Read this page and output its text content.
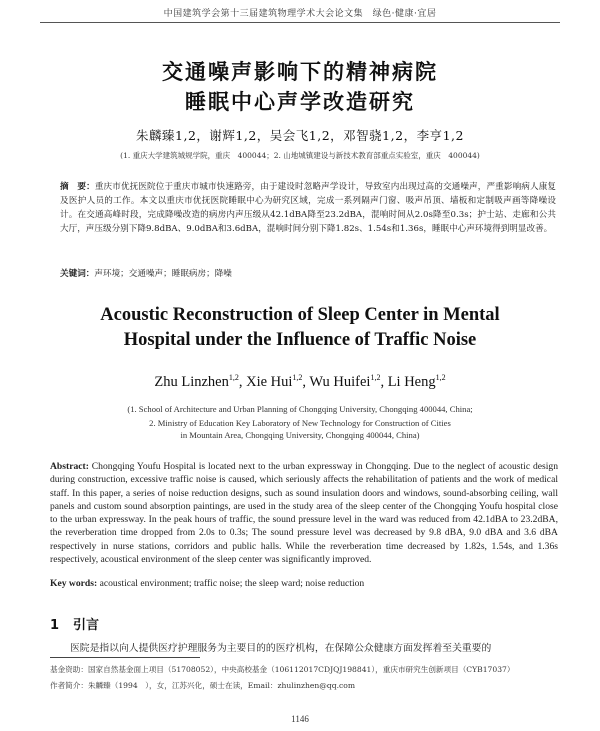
中国建筑学会第十三届建筑物理学术大会论文集　绿色·健康·宜居
交通噪声影响下的精神病院
睡眠中心声学改造研究
朱麟臻1,2，谢辉1,2，吴会飞1,2，邓智骁1,2，李亨1,2
(1. 重庆大学建筑城规学院，重庆　400044；2. 山地城镇建设与新技术教育部重点实验室，重庆　400044)
摘　要：重庆市优抚医院位于重庆市城市快速路旁，由于建设时忽略声学设计，导致室内出现过高的交通噪声，严重影响病人康复及医护人员的工作。本文以重庆市优抚医院睡眠中心为研究区域，完成一系列隔声门窗、吸声吊顶、墙板和定制吸声画等降噪设计。在交通高峰时段，完成降噪改造的病房内声压级从42.1dBA降至23.2dBA，混响时间从2.0s降至0.3s；护士站、走廊和公共大厅，声压级分别下降9.8dBA、9.0dBA和3.6dBA，混响时间分别下降1.82s、1.54s和1.36s，睡眠中心声环境得到明显改善。
关键词：声环境；交通噪声；睡眠病房；降噪
Acoustic Reconstruction of Sleep Center in Mental
Hospital under the Influence of Traffic Noise
Zhu Linzhen$^{1,2}$, Xie Hui$^{1,2}$, Wu Huifei$^{1,2}$, Li Heng$^{1,2}$
(1. School of Architecture and Urban Planning of Chongqing University, Chongqing 400044, China;
2. Ministry of Education Key Laboratory of New Technology for Construction of Cities
in Mountain Area, Chongqing University, Chongqing 400044, China)
Abstract: Chongqing Youfu Hospital is located next to the urban expressway in Chongqing. Due to the neglect of acoustic design during construction, excessive traffic noise is caused, which seriously affects the rehabilitation of patients and the work of medical staff. In this paper, a series of noise reduction designs, such as sound insulation doors and windows, sound-absorbing ceiling, wall panels and custom sound absorption paintings, are used in the study area of the sleep center of the Chongqing Youfu hospital close to the urban expressway. In the peak hours of traffic, the sound pressure level in the ward was reduced from 42.1dBA to 23.2dBA, the reverberation time dropped from 2.0s to 0.3s; The sound pressure level was decreased by 9.8 dBA, 9.0 dBA and 3.6 dBA respectively in nurse stations, corridors and public halls. While the reverberation time decreased by 1.82s, 1.54s, and 1.36s respectively, acoustical environment of the sleep center was significantly improved.
Key words: acoustical environment; traffic noise; the sleep ward; noise reduction
1 引言
医院是指以向人提供医疗护理服务为主要目的的医疗机构，在保障公众健康方面发挥着至关重要的
基金资助：国家自然基金面上项目（51708052），中央高校基金（106112017CDJQJ198841），重庆市研究生创新项目（CYB17037）
作者简介：朱麟臻（1994　），女，江苏兴化，硕士在读，Email：zhulinzhen@qq.com
1146
